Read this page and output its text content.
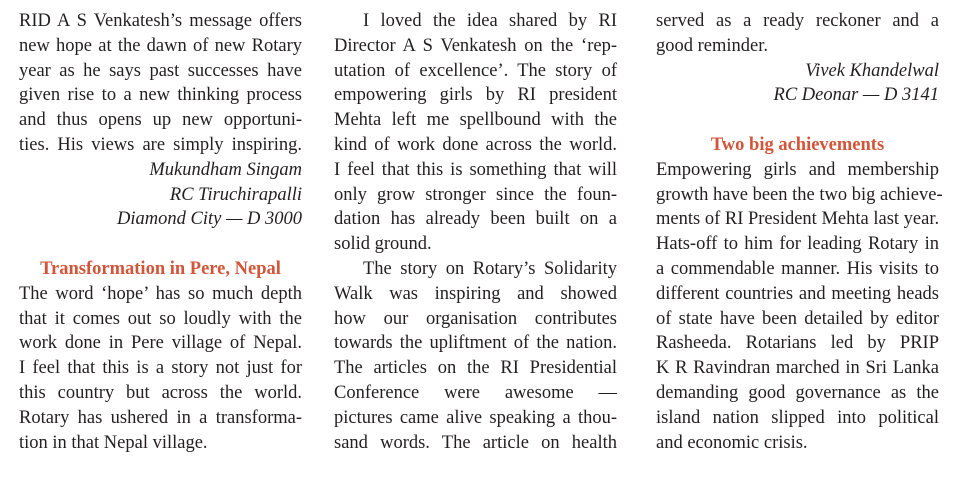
RID A S Venkatesh’s message offers
new hope at the dawn of new Rotary
year as he says past successes have
given rise to a new thinking process
and thus opens up new opportuni-
ties. His views are simply inspiring.
Mukundham Singam
RC Tiruchirapalli
Diamond City — D 3000
Transformation in Pere, Nepal
The word ‘hope’ has so much depth
that it comes out so loudly with the
work done in Pere village of Nepal.
I feel that this is a story not just for
this country but across the world.
Rotary has ushered in a transforma-
tion in that Nepal village.
I loved the idea shared by RI
Director A S Venkatesh on the ‘rep-
utation of excellence’. The story of
empowering girls by RI president
Mehta left me spellbound with the
kind of work done across the world.
I feel that this is something that will
only grow stronger since the foun-
dation has already been built on a
solid ground.
The story on Rotary’s Solidarity
Walk was inspiring and showed
how our organisation contributes
towards the upliftment of the nation.
The articles on the RI Presidential
Conference were awesome —
pictures came alive speaking a thou-
sand words. The article on health
served as a ready reckoner and a
good reminder.
Vivek Khandelwal
RC Deonar — D 3141
Two big achievements
Empowering girls and membership
growth have been the two big achieve-
ments of RI President Mehta last year.
Hats-off to him for leading Rotary in
a commendable manner. His visits to
different countries and meeting heads
of state have been detailed by editor
Rasheeda. Rotarians led by PRIP
K R Ravindran marched in Sri Lanka
demanding good governance as the
island nation slipped into political
and economic crisis.
